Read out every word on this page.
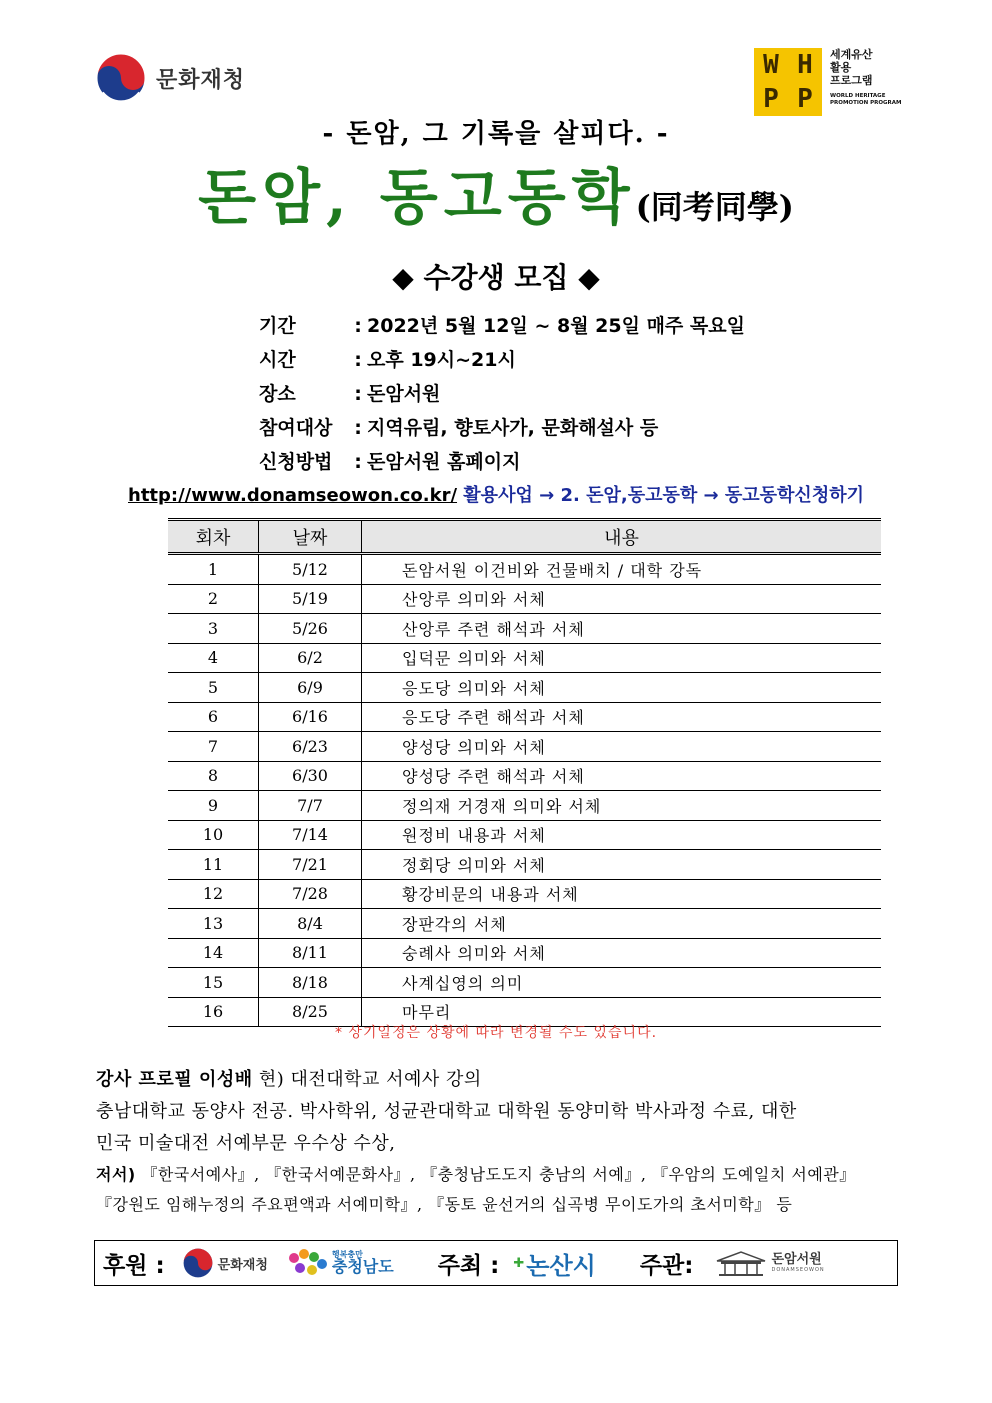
문화재청	W H
P P
세계유산
활용
프로그램
WORLD HERITAGE
PROMOTION PROGRAM
- 돈암, 그 기록을 살피다. -
돈암, 동고동학(同考同學)
◆ 수강생 모집 ◆
기간	: 2022년 5월 12일 ~ 8월 25일 매주 목요일
시간	: 오후 19시~21시
장소	: 돈암서원
참여대상	: 지역유림, 향토사가, 문화해설사 등
신청방법	: 돈암서원 홈페이지
http://www.donamseowon.co.kr/ 활용사업 → 2. 돈암,동고동학 → 동고동학신청하기
회차	날짜	내용
1	5/12	돈암서원 이건비와 건물배치 / 대학 강독
2	5/19	산앙루 의미와 서체
3	5/26	산앙루 주련 해석과 서체
4	6/2	입덕문 의미와 서체
5	6/9	응도당 의미와 서체
6	6/16	응도당 주련 해석과 서체
7	6/23	양성당 의미와 서체
8	6/30	양성당 주련 해석과 서체
9	7/7	정의재 거경재 의미와 서체
10	7/14	원정비 내용과 서체
11	7/21	정회당 의미와 서체
12	7/28	황강비문의 내용과 서체
13	8/4	장판각의 서체
14	8/11	숭례사 의미와 서체
15	8/18	사계십영의 의미
16	8/25	마무리
* 상기일정은 상황에 따라 변경될 수도 있습니다.

강사 프로필 이성배 현) 대전대학교 서예사 강의

충남대학교 동양사 전공. 박사학위, 성균관대학교 대학원 동양미학 박사과정 수료, 대한

민국 미술대전 서예부문 우수상 수상,

저서) 『한국서예사』, 『한국서예문화사』, 『충청남도도지 충남의 서예』, 『우암의 도예일치 서예관』

『강원도 임해누정의 주요편액과 서예미학』, 『동토 윤선거의 십곡병 무이도가의 초서미학』 등

후원 :	문화재청
행복충만
충청남도 주최 : ✚ 논산시 주관:	돈암서원
DONAMSEOWON
